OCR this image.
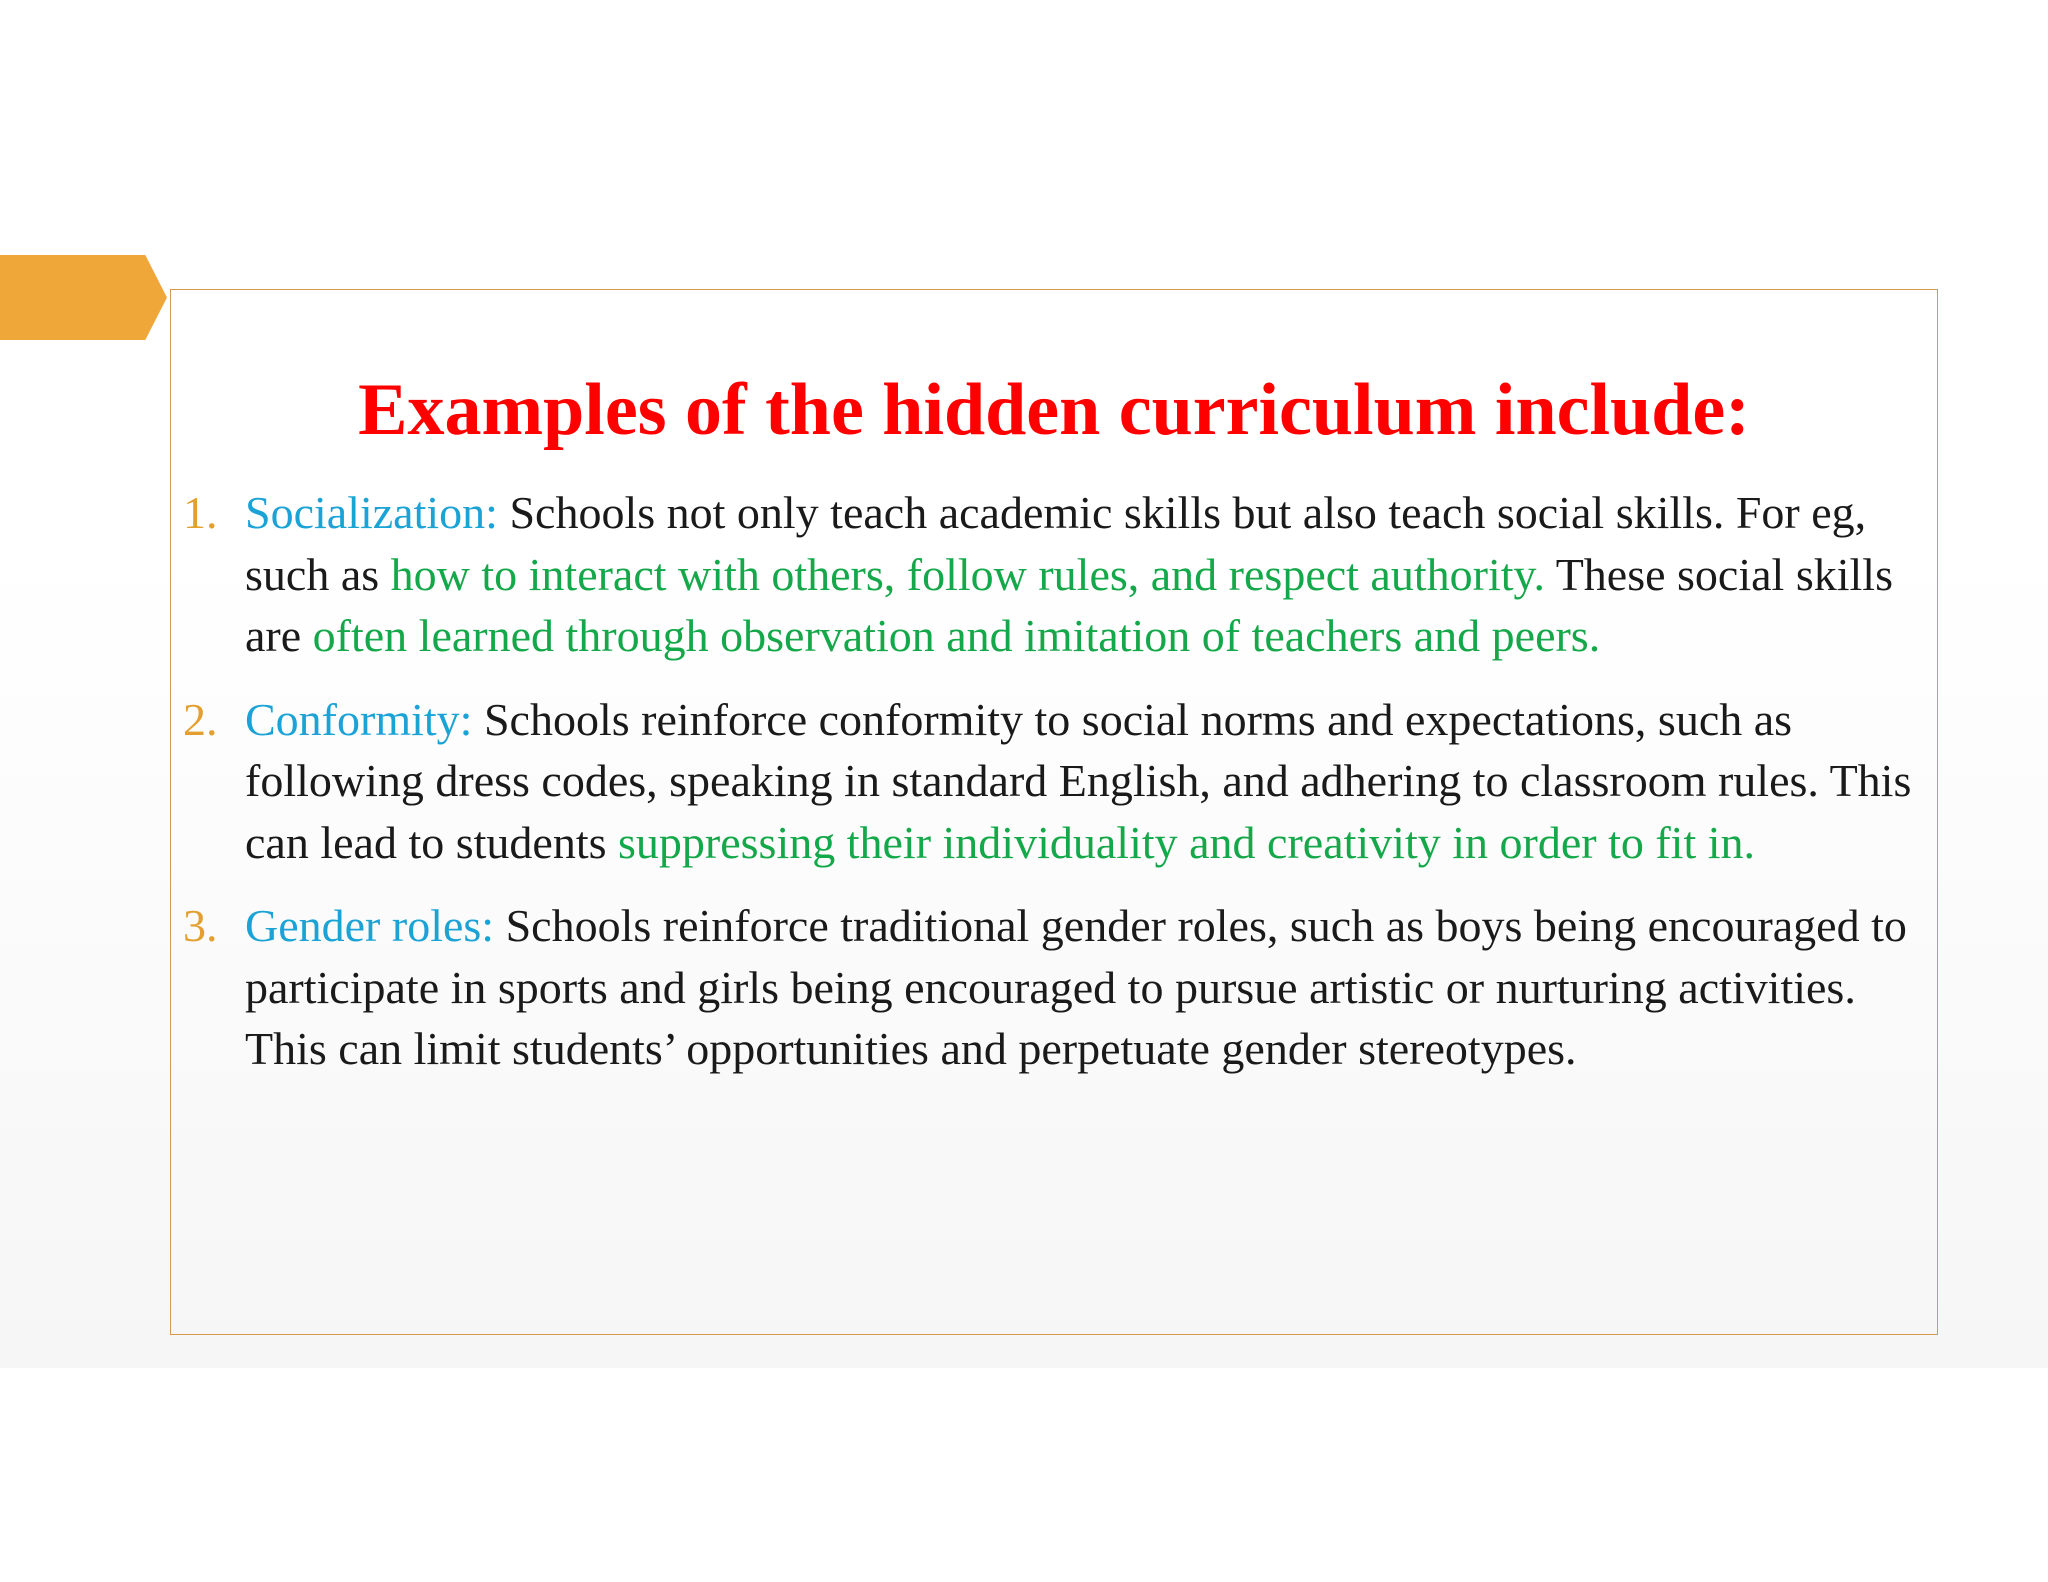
Examples of the hidden curriculum include:
1. Socialization: Schools not only teach academic skills but also teach social skills. For eg, such as how to interact with others, follow rules, and respect authority. These social skills are often learned through observation and imitation of teachers and peers.
2. Conformity: Schools reinforce conformity to social norms and expectations, such as following dress codes, speaking in standard English, and adhering to classroom rules. This can lead to students suppressing their individuality and creativity in order to fit in.
3. Gender roles: Schools reinforce traditional gender roles, such as boys being encouraged to participate in sports and girls being encouraged to pursue artistic or nurturing activities. This can limit students’ opportunities and perpetuate gender stereotypes.
